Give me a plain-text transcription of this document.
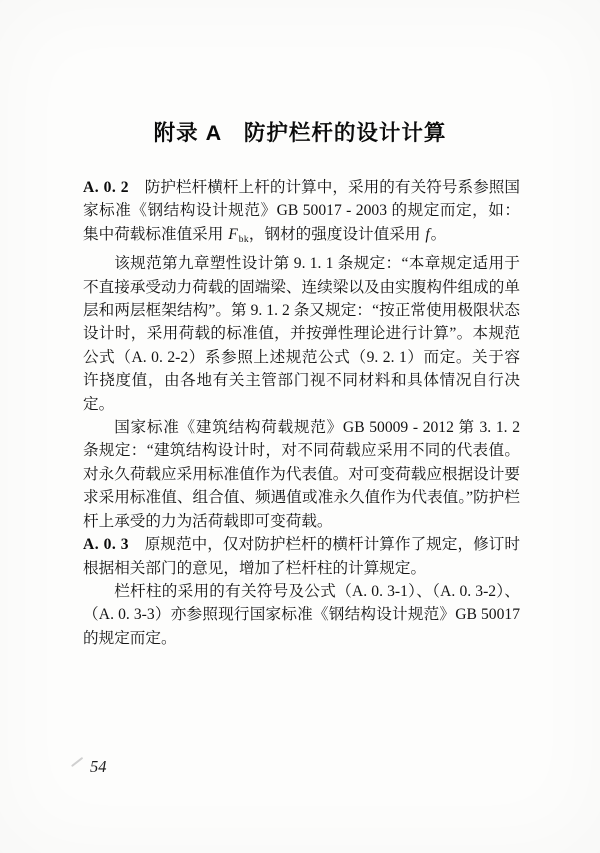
附录 A　防护栏杆的设计计算

A. 0. 2　防护栏杆横杆上杆的计算中，采用的有关符号系参照国家标准《钢结构设计规范》GB 50017 - 2003 的规定而定，如：集中荷载标准值采用 Fbk，钢材的强度设计值采用 f。

该规范第九章塑性设计第 9. 1. 1 条规定：“本章规定适用于不直接承受动力荷载的固端梁、连续梁以及由实腹构件组成的单层和两层框架结构”。第 9. 1. 2 条又规定：“按正常使用极限状态设计时，采用荷载的标准值，并按弹性理论进行计算”。本规范公式（A. 0. 2-2）系参照上述规范公式（9. 2. 1）而定。关于容许挠度值，由各地有关主管部门视不同材料和具体情况自行决定。

国家标准《建筑结构荷载规范》GB 50009 - 2012 第 3. 1. 2 条规定：“建筑结构设计时，对不同荷载应采用不同的代表值。对永久荷载应采用标准值作为代表值。对可变荷载应根据设计要求采用标准值、组合值、频遇值或准永久值作为代表值。”防护栏杆上承受的力为活荷载即可变荷载。

A. 0. 3　原规范中，仅对防护栏杆的横杆计算作了规定，修订时根据相关部门的意见，增加了栏杆柱的计算规定。

栏杆柱的采用的有关符号及公式（A. 0. 3-1）、（A. 0. 3-2）、（A. 0. 3-3）亦参照现行国家标准《钢结构设计规范》GB 50017 的规定而定。

54
